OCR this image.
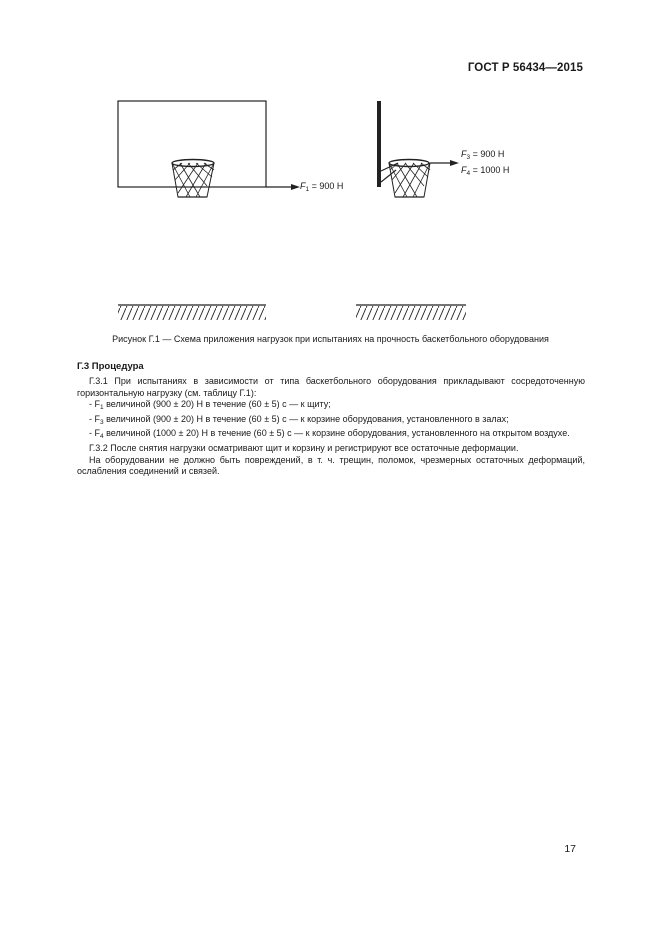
ГОСТ Р 56434—2015
$F_1 = 900$ Н
$F_3 = 900$ Н
$F_4 = 1000$ Н
Рисунок Г.1 — Схема приложения нагрузок при испытаниях на прочность баскетбольного оборудования
Г.3 Процедура

Г.3.1 При испытаниях в зависимости от типа баскетбольного оборудования прикладывают сосредоточенную горизонтальную нагрузку (см. таблицу Г.1):

- $F_1$ величиной (900 ± 20) Н в течение (60 ± 5) с — к щиту;

- $F_3$ величиной (900 ± 20) Н в течение (60 ± 5) с — к корзине оборудования, установленного в залах;

- $F_4$ величиной (1000 ± 20) Н в течение (60 ± 5) с — к корзине оборудования, установленного на открытом воздухе.

Г.3.2 После снятия нагрузки осматривают щит и корзину и регистрируют все остаточные деформации.

На оборудовании не должно быть повреждений, в т. ч. трещин, поломок, чрезмерных остаточных деформаций, ослабления соединений и связей.

17
